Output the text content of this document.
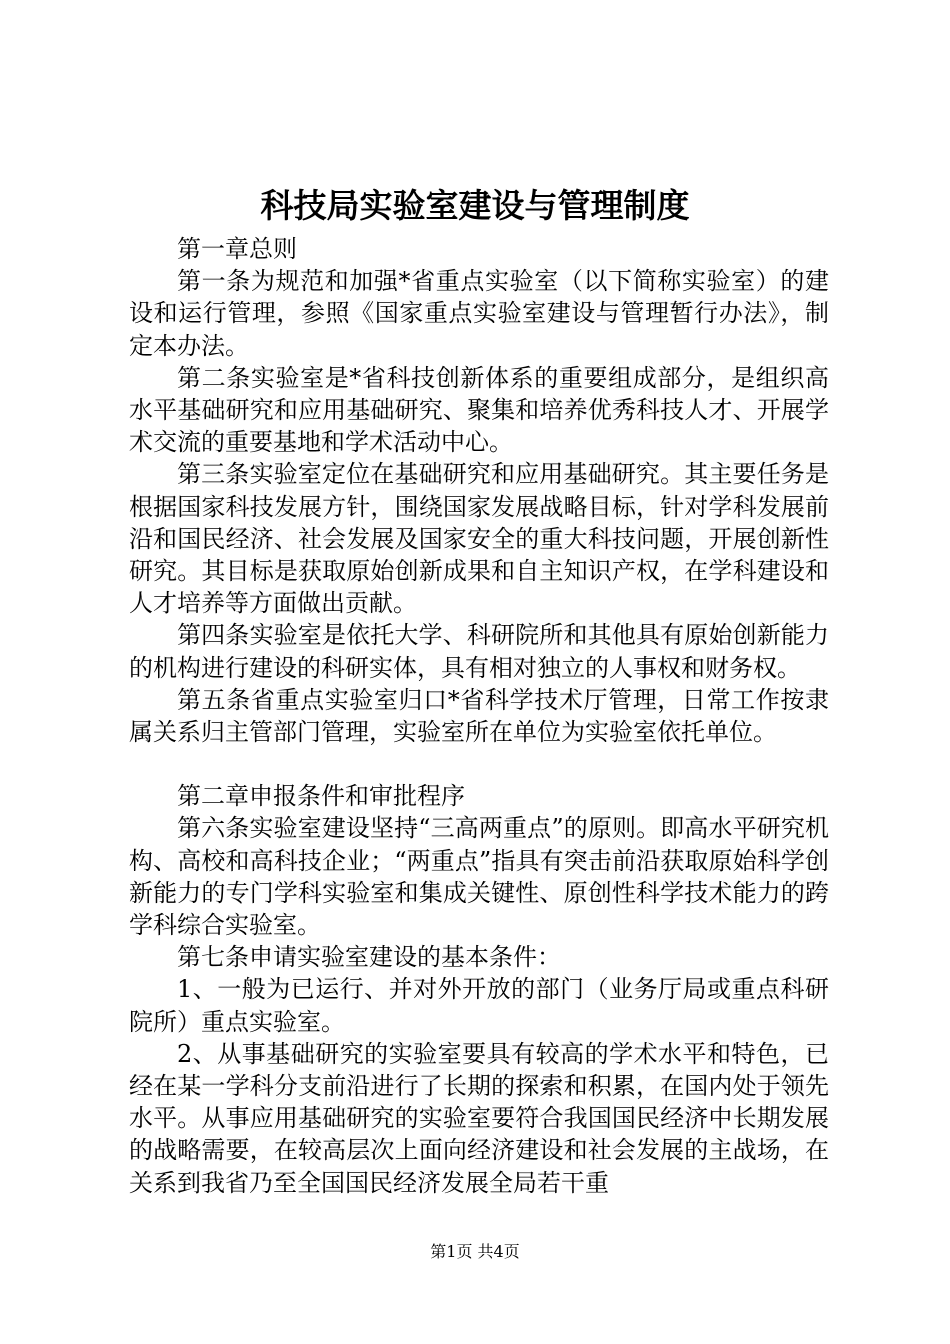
科技局实验室建设与管理制度

第一章总则

第一条为规范和加强*省重点实验室（以下简称实验室）的建设和运行管理，参照《国家重点实验室建设与管理暂行办法》，制定本办法。

第二条实验室是*省科技创新体系的重要组成部分，是组织高水平基础研究和应用基础研究、聚集和培养优秀科技人才、开展学术交流的重要基地和学术活动中心。

第三条实验室定位在基础研究和应用基础研究。其主要任务是根据国家科技发展方针，围绕国家发展战略目标，针对学科发展前沿和国民经济、社会发展及国家安全的重大科技问题，开展创新性研究。其目标是获取原始创新成果和自主知识产权，在学科建设和人才培养等方面做出贡献。

第四条实验室是依托大学、科研院所和其他具有原始创新能力的机构进行建设的科研实体，具有相对独立的人事权和财务权。

第五条省重点实验室归口*省科学技术厅管理，日常工作按隶属关系归主管部门管理，实验室所在单位为实验室依托单位。

第二章申报条件和审批程序

第六条实验室建设坚持“三高两重点”的原则。即高水平研究机构、高校和高科技企业；“两重点”指具有突击前沿获取原始科学创新能力的专门学科实验室和集成关键性、原创性科学技术能力的跨学科综合实验室。

第七条申请实验室建设的基本条件：

1、一般为已运行、并对外开放的部门（业务厅局或重点科研院所）重点实验室。

2、从事基础研究的实验室要具有较高的学术水平和特色，已经在某一学科分支前沿进行了长期的探索和积累，在国内处于领先水平。从事应用基础研究的实验室要符合我国国民经济中长期发展的战略需要，在较高层次上面向经济建设和社会发展的主战场，在关系到我省乃至全国国民经济发展全局若干重

第1页 共4页
